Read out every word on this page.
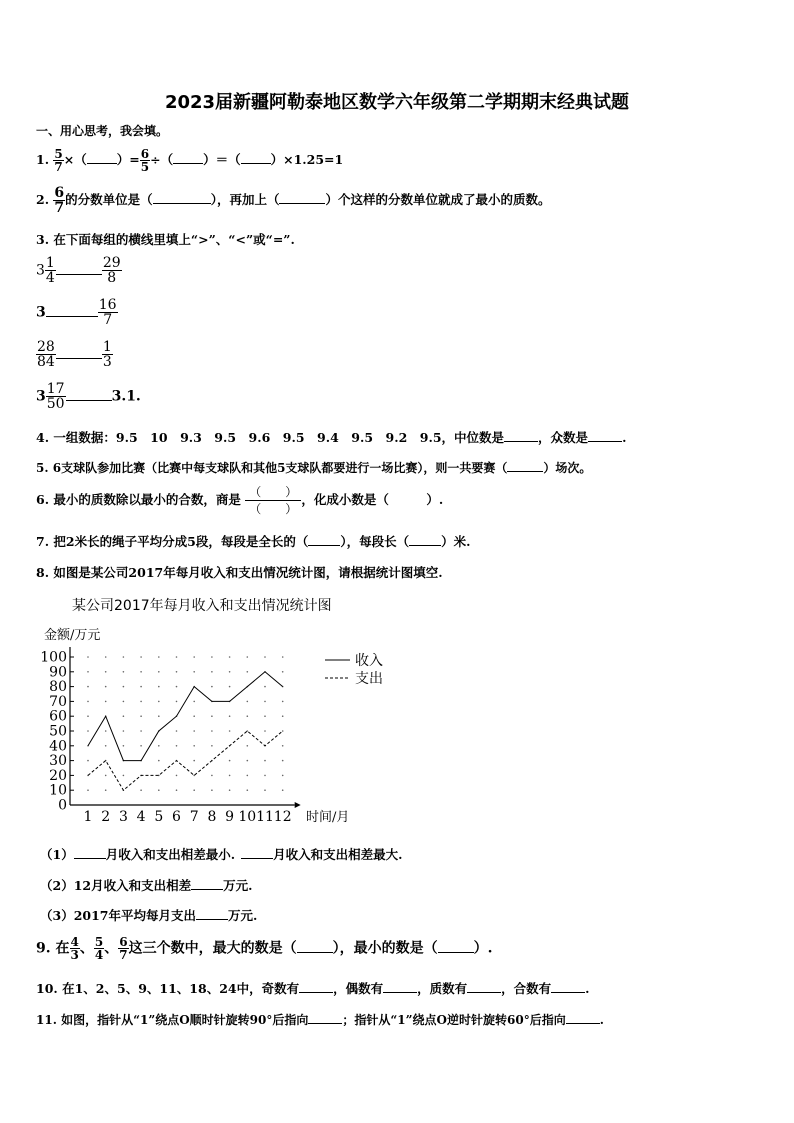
2023届新疆阿勒泰地区数学六年级第二学期期末经典试题
一、用心思考，我会填。
1. $\frac{5}{7}$ ×（ ）= $\frac{6}{5}$ ÷（ ）＝（ ）×1.25=1
2. $\frac{6}{7}$ 的分数单位是（	），再加上（	）个这样的分数单位就成了最小的质数。
3. 在下面每组的横线里填上“>”、“<”或“=”.
$3 \frac{1}{4}$	$\frac{29}{8}$
3	$\frac{16}{7}$
$\frac{28}{84}$	$\frac{1}{3}$
$3 \frac{17}{50}$	3.1.
4. 一组数据：9.5　10　9.3　9.5　9.6　9.5　9.4　9.5　9.2　9.5，中位数是	，众数是	.
5. 6支球队参加比赛（比赛中每支球队和其他5支球队都要进行一场比赛），则一共要赛（	）场次。
6. 最小的质数除以最小的合数，商是 $\frac{( )}{( )}$ ，化成小数是（　　　）.
7. 把2米长的绳子平均分成5段，每段是全长的（	），每段长（	）米.
8. 如图是某公司2017年每月收入和支出情况统计图，请根据统计图填空.
某公司2017年每月收入和支出情况统计图
金额/万元
0
10
20
30
40
50
60
70
80
90
100
1 2 3 4 5 6 7 8 9 10 11 12
收入
支出
时间/月
（1）	月收入和支出相差最小.	月收入和支出相差最大.
（2）12月收入和支出相差	万元.
（3）2017年平均每月支出	万元.
9. 在 $\frac{4}{3}$ 、 $\frac{5}{4}$ 、 $\frac{6}{7}$ 这三个数中，最大的数是（	），最小的数是（	）.
10. 在1、2、5、9、11、18、24中，奇数有	，偶数有	，质数有	，合数有	.
11. 如图，指针从“1”绕点O顺时针旋转90°后指向	；指针从“1”绕点O逆时针旋转60°后指向	.
